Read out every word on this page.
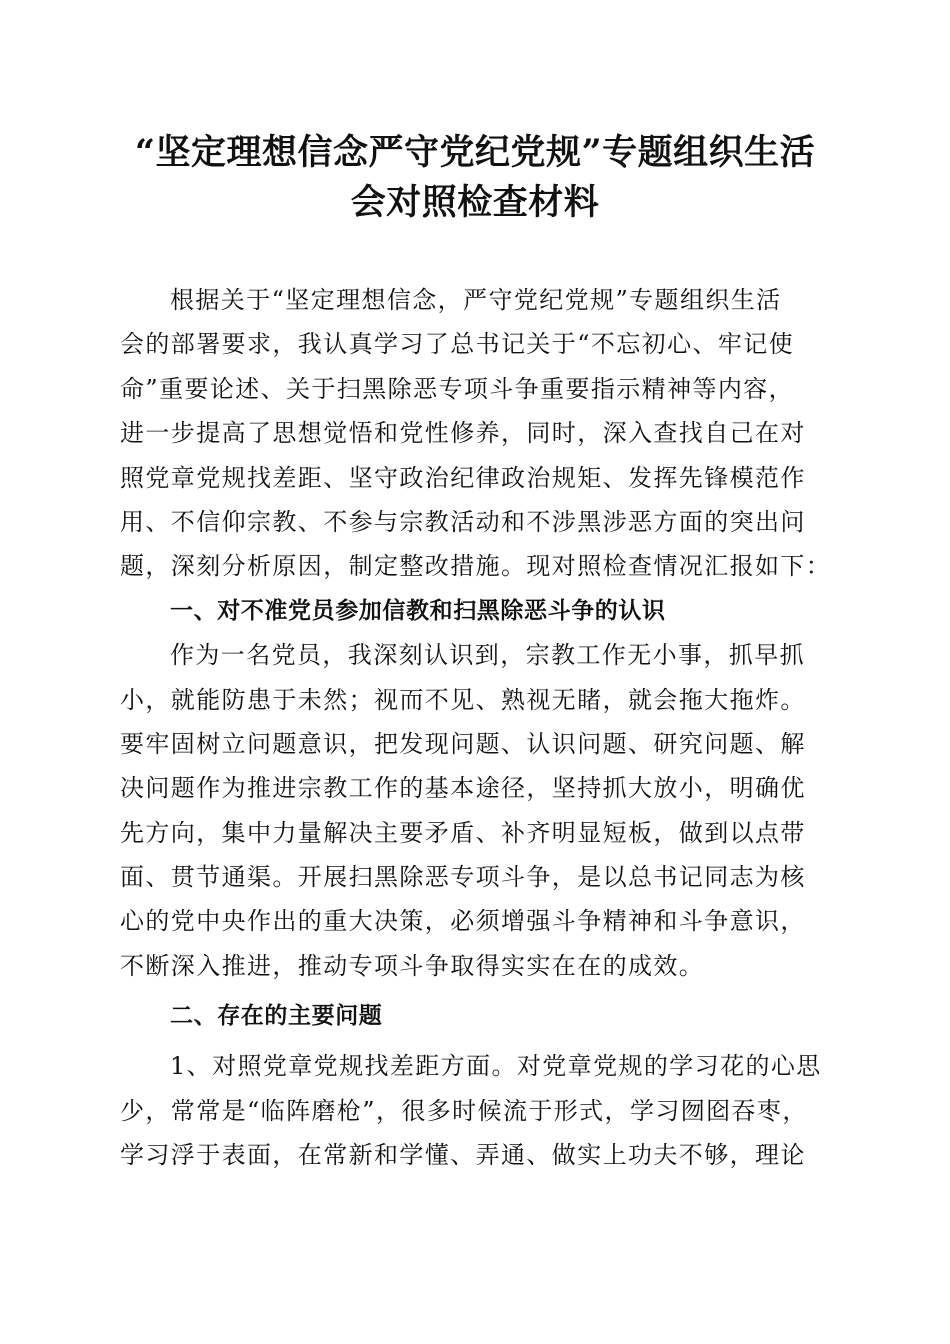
“坚定理想信念严守党纪党规”专题组织生活
会对照检查材料
根据关于“坚定理想信念，严守党纪党规”专题组织生活
会的部署要求，我认真学习了总书记关于“不忘初心、牢记使
命”重要论述、关于扫黑除恶专项斗争重要指示精神等内容，
进一步提高了思想觉悟和党性修养，同时，深入查找自己在对
照党章党规找差距、坚守政治纪律政治规矩、发挥先锋模范作
用、不信仰宗教、不参与宗教活动和不涉黑涉恶方面的突出问
题，深刻分析原因，制定整改措施。现对照检查情况汇报如下：
一、对不准党员参加信教和扫黑除恶斗争的认识
作为一名党员，我深刻认识到，宗教工作无小事，抓早抓
小，就能防患于未然；视而不见、熟视无睹，就会拖大拖炸。
要牢固树立问题意识，把发现问题、认识问题、研究问题、解
决问题作为推进宗教工作的基本途径，坚持抓大放小，明确优
先方向，集中力量解决主要矛盾、补齐明显短板，做到以点带
面、贯节通渠。开展扫黑除恶专项斗争，是以总书记同志为核
心的党中央作出的重大决策，必须增强斗争精神和斗争意识，
不断深入推进，推动专项斗争取得实实在在的成效。
二、存在的主要问题
1、对照党章党规找差距方面。对党章党规的学习花的心思
少，常常是“临阵磨枪”，很多时候流于形式，学习囫囵吞枣，
学习浮于表面，在常新和学懂、弄通、做实上功夫不够，理论
